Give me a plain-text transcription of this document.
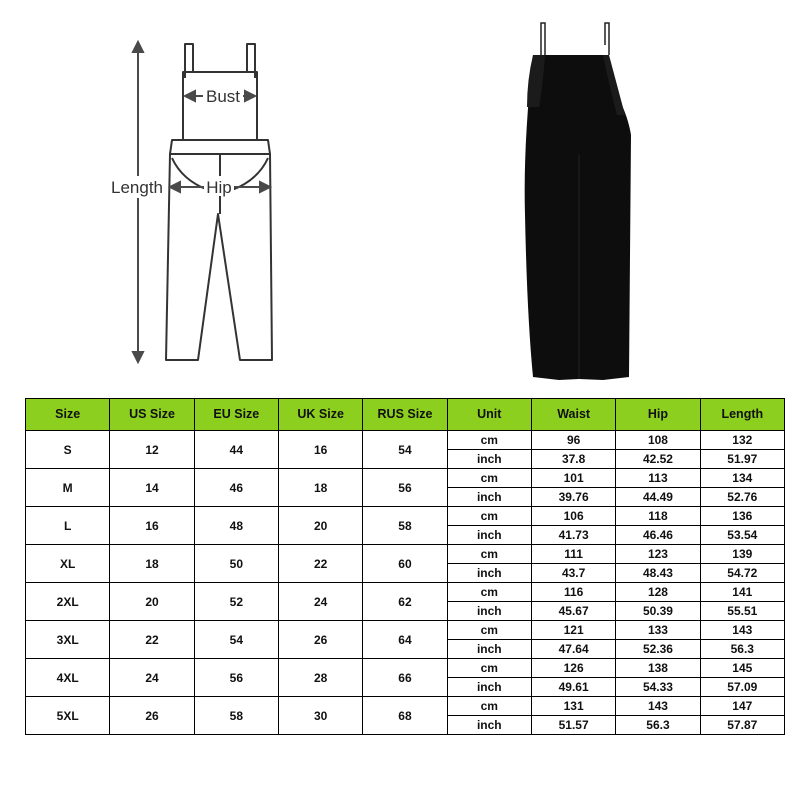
Bust
Hip
Length
Size	US Size	EU Size	UK Size	RUS Size	Unit	Waist	Hip	Length
S	12	44	16	54	cm	96	108	132
					inch	37.8	42.52	51.97
M	14	46	18	56	cm	101	113	134
					inch	39.76	44.49	52.76
L	16	48	20	58	cm	106	118	136
					inch	41.73	46.46	53.54
XL	18	50	22	60	cm	111	123	139
					inch	43.7	48.43	54.72
2XL	20	52	24	62	cm	116	128	141
					inch	45.67	50.39	55.51
3XL	22	54	26	64	cm	121	133	143
					inch	47.64	52.36	56.3
4XL	24	56	28	66	cm	126	138	145
					inch	49.61	54.33	57.09
5XL	26	58	30	68	cm	131	143	147
					inch	51.57	56.3	57.87
